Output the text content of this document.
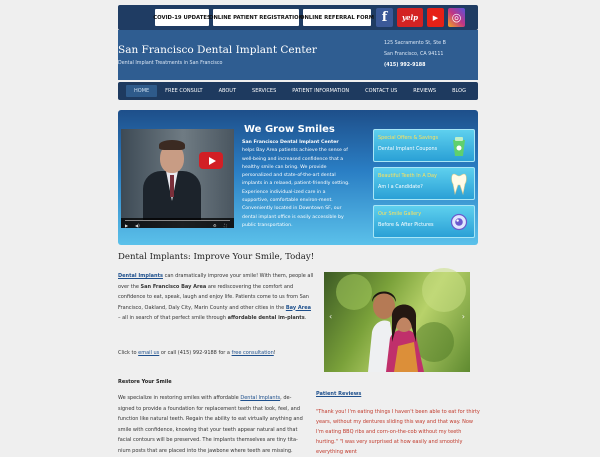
COVID-19 UPDATES
ONLINE PATIENT REGISTRATION
ONLINE REFERRAL FORM f	yelp	▶	◎
San Francisco Dental Implant Center
Dental Implant Treatments in San Francisco
125 Sacramento St, Ste B
San Francisco, CA 94111
(415) 992-9188
HOME	FREE CONSULT	ABOUT	SERVICES	PATIENT INFORMATION	CONTACT US	REVIEWS	BLOG
▶ ◀)	⚙ ⛶
We Grow Smiles
San Francisco Dental Implant Center helps Bay Area patients achieve the sense of well-being and increased confidence that a healthy smile can bring. We provide personalized and state-of-the-art dental implants in a relaxed, patient-friendly setting. Experience individual-ized care in a supportive, comfortable environ-ment. Conveniently located in Downtown SF, our dental implant office is easily accessible by public transportation.
Special Offers & Savings
Dental Implant Coupons
Beautiful Teeth In A Day
Am I a Candidate?
Our Smile Gallery
Before & After Pictures
Dental Implants: Improve Your Smile, Today!
Dental Implants can dramatically improve your smile! With them, people all over the San Francisco Bay Area are rediscovering the comfort and confidence to eat, speak, laugh and enjoy life. Patients come to us from San Francisco, Oakland, Daly City, Marin County and other cities in the Bay Area – all in search of that perfect smile through affordable dental im-plants.
Click to email us or call (415) 992-9188 for a free consultation!
Restore Your Smile
We specialize in restoring smiles with affordable Dental Implants, de-signed to provide a foundation for replacement teeth that look, feel, and function like natural teeth. Regain the ability to eat virtually anything and smile with confidence, knowing that your teeth appear natural and that facial contours will be preserved. The implants themselves are tiny tita-nium posts that are placed into the jawbone where teeth are missing.
‹	›
Patient Reviews
"Thank you! I'm eating things I haven't been able to eat for thirty years, without my dentures sliding this way and that way. Now I'm eating BBQ ribs and corn-on-the-cob without my teeth hurting." "I was very surprised at how easily and smoothly everything went
